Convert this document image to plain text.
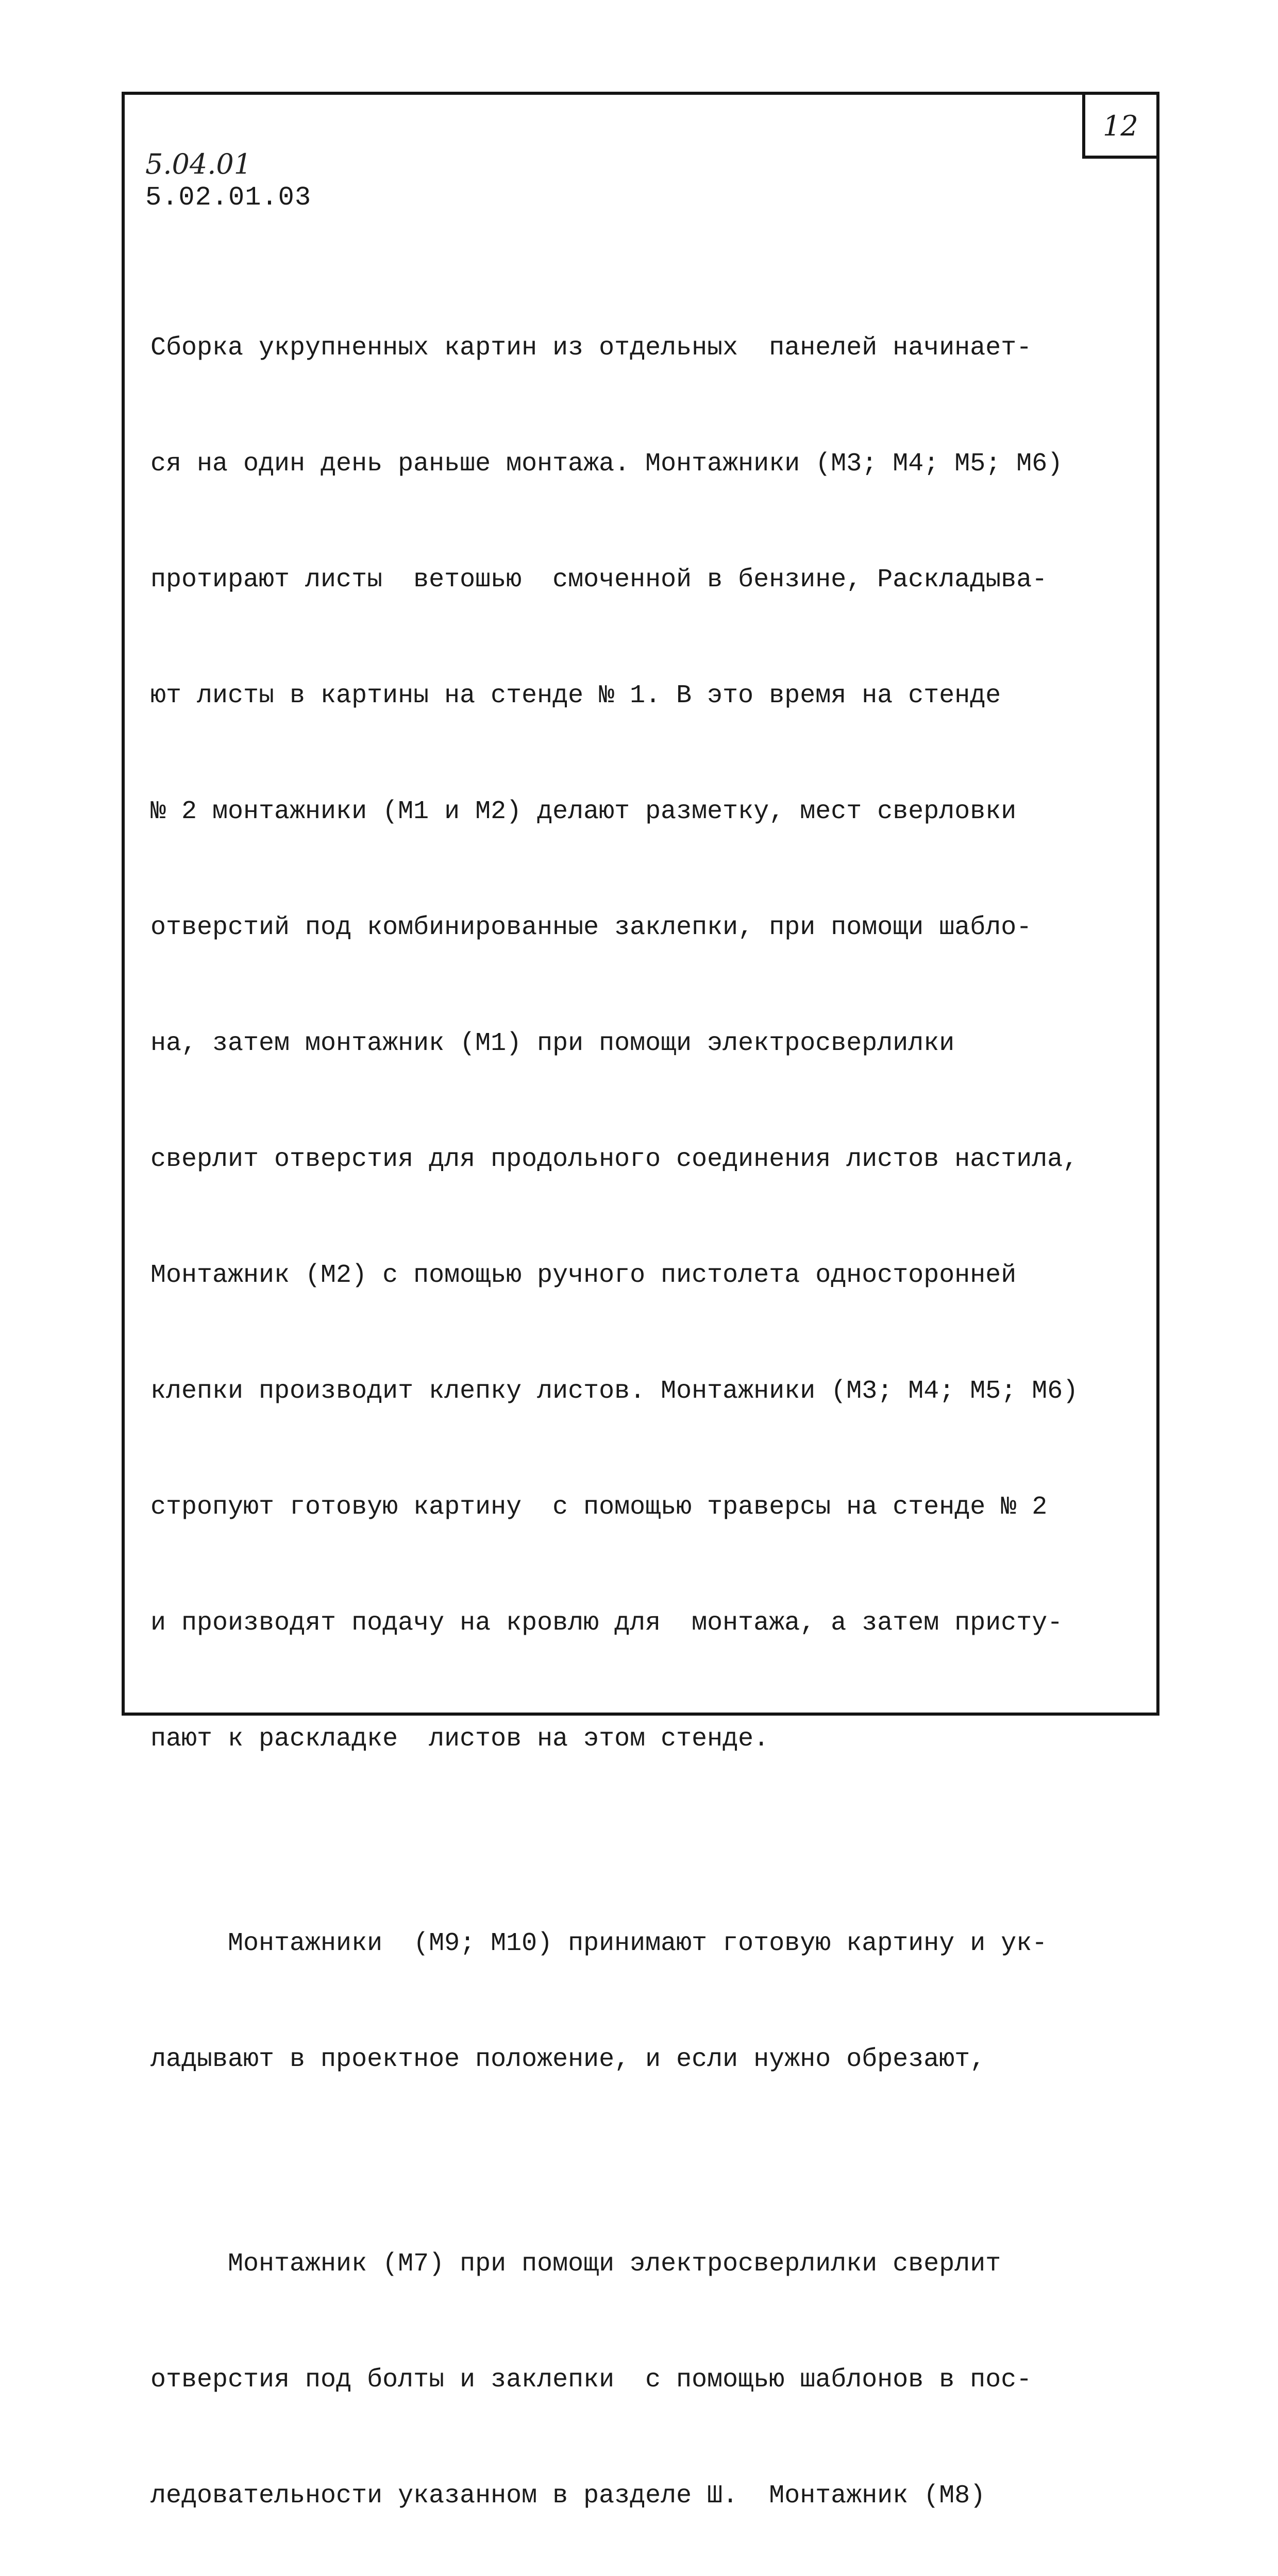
12
5.04.01
5.02.01.03

Сборка укрупненных картин из отдельных  панелей начинает-

ся на один день раньше монтажа. Монтажники (М3; М4; М5; М6)

протирают листы  ветошью  смоченной в бензине, Раскладыва-

ют листы в картины на стенде № 1. В это время на стенде

№ 2 монтажники (М1 и М2) делают разметку, мест сверловки

отверстий под комбинированные заклепки, при помощи шабло-

на, затем монтажник (М1) при помощи электросверлилки

сверлит отверстия для продольного соединения листов настила,

Монтажник (М2) с помощью ручного пистолета односторонней

клепки производит клепку листов. Монтажники (М3; М4; М5; М6)

стропуют готовую картину  с помощью траверсы на стенде № 2

и производят подачу на кровлю для  монтажа, а затем присту-

пают к раскладке  листов на этом стенде.

Монтажники  (М9; М10) принимают готовую картину и ук-

ладывают в проектное положение, и если нужно обрезают,

Монтажник (М7) при помощи электросверлилки сверлит

отверстия под болты и заклепки  с помощью шаблонов в пос-

ледовательности указанном в разделе Ш.  Монтажник (М8)
